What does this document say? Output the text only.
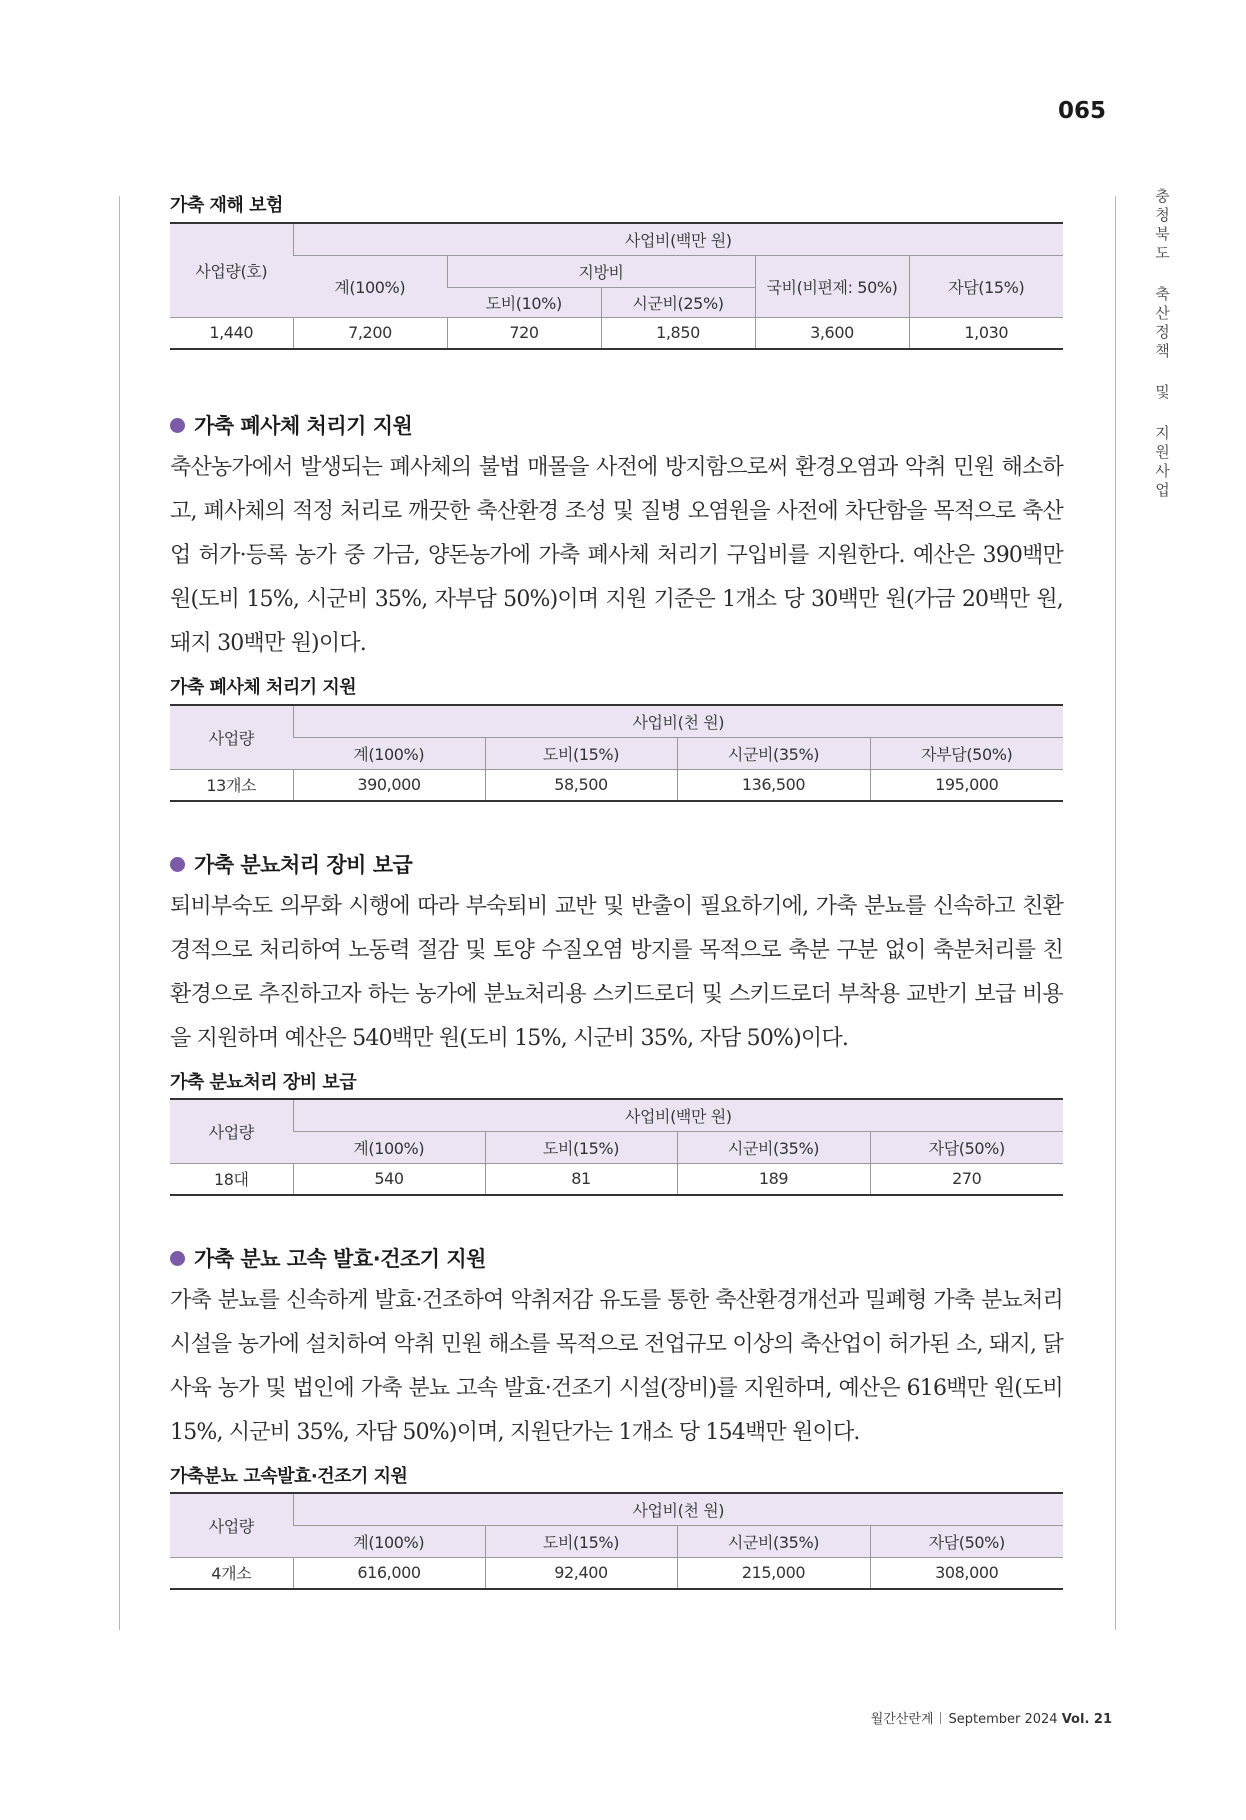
065
충청북도 축산정책 및 지원사업
가축 재해 보험
사업량(호)	사업비(백만 원)				
	계(100%)	지방비		국비(비편제: 50%)	자담(15%)
		도비(10%)	시군비(25%)		
1,440	7,200	720	1,850	3,600	1,030
가축 폐사체 처리기 지원

축산농가에서 발생되는 폐사체의 불법 매몰을 사전에 방지함으로써 환경오염과 악취 민원 해소하고, 폐사체의 적정 처리로 깨끗한 축산환경 조성 및 질병 오염원을 사전에 차단함을 목적으로 축산업 허가·등록 농가 중 가금, 양돈농가에 가축 폐사체 처리기 구입비를 지원한다. 예산은 390백만 원(도비 15%, 시군비 35%, 자부담 50%)이며 지원 기준은 1개소 당 30백만 원(가금 20백만 원, 돼지 30백만 원)이다.

가축 폐사체 처리기 지원
사업량	사업비(천 원)			
	계(100%)	도비(15%)	시군비(35%)	자부담(50%)
13개소	390,000	58,500	136,500	195,000
가축 분뇨처리 장비 보급

퇴비부숙도 의무화 시행에 따라 부숙퇴비 교반 및 반출이 필요하기에, 가축 분뇨를 신속하고 친환경적으로 처리하여 노동력 절감 및 토양 수질오염 방지를 목적으로 축분 구분 없이 축분처리를 친환경으로 추진하고자 하는 농가에 분뇨처리용 스키드로더 및 스키드로더 부착용 교반기 보급 비용을 지원하며 예산은 540백만 원(도비 15%, 시군비 35%, 자담 50%)이다.

가축 분뇨처리 장비 보급
사업량	사업비(백만 원)			
	계(100%)	도비(15%)	시군비(35%)	자담(50%)
18대	540	81	189	270
가축 분뇨 고속 발효·건조기 지원

가축 분뇨를 신속하게 발효·건조하여 악취저감 유도를 통한 축산환경개선과 밀폐형 가축 분뇨처리 시설을 농가에 설치하여 악취 민원 해소를 목적으로 전업규모 이상의 축산업이 허가된 소, 돼지, 닭 사육 농가 및 법인에 가축 분뇨 고속 발효·건조기 시설(장비)를 지원하며, 예산은 616백만 원(도비 15%, 시군비 35%, 자담 50%)이며, 지원단가는 1개소 당 154백만 원이다.

가축분뇨 고속발효·건조기 지원
사업량	사업비(천 원)			
	계(100%)	도비(15%)	시군비(35%)	자담(50%)
4개소	616,000	92,400	215,000	308,000
월간산란계 September 2024 Vol. 21
